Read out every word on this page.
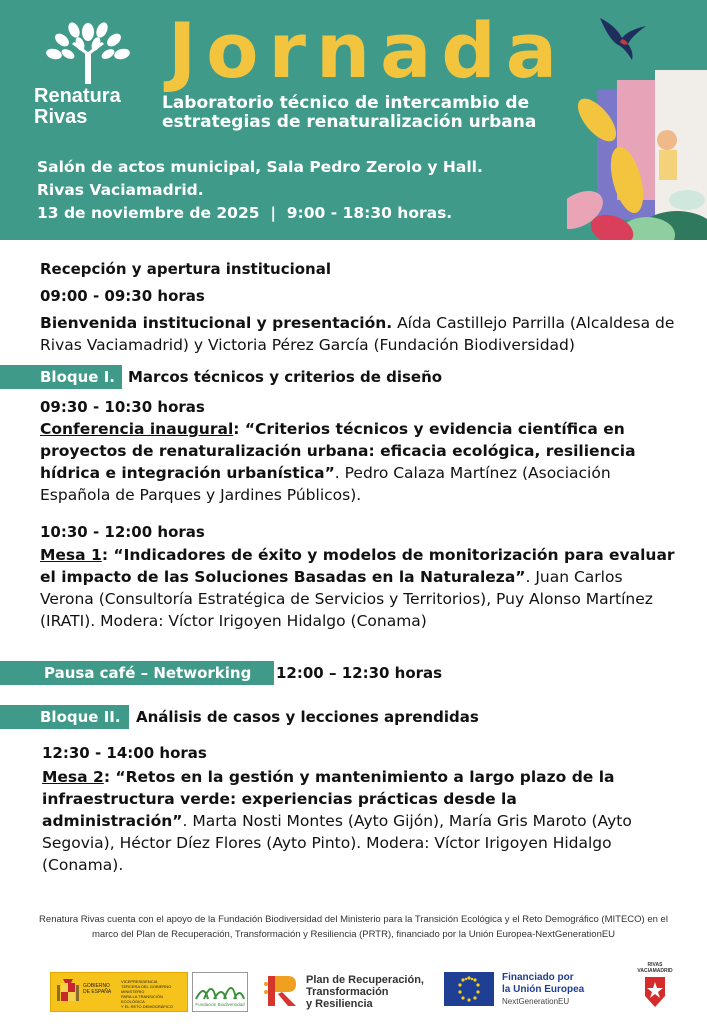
Renatura
Rivas
Jornada
Laboratorio técnico de intercambio de
estrategias de renaturalización urbana
Salón de actos municipal, Sala Pedro Zerolo y Hall.
Rivas Vaciamadrid.
13 de noviembre de 2025  |  9:00 - 18:30 horas.
Recepción y apertura institucional
09:00 - 09:30 horas
Bienvenida institucional y presentación. Aída Castillejo Parrilla (Alcaldesa de Rivas Vaciamadrid) y Victoria Pérez García (Fundación Biodiversidad)
Bloque I. Marcos técnicos y criterios de diseño
09:30 - 10:30 horas
Conferencia inaugural: “Criterios técnicos y evidencia científica en proyectos de renaturalización urbana: eficacia ecológica, resiliencia hídrica e integración urbanística”. Pedro Calaza Martínez (Asociación Española de Parques y Jardines Públicos).
10:30 - 12:00 horas
Mesa 1: “Indicadores de éxito y modelos de monitorización para evaluar el impacto de las Soluciones Basadas en la Naturaleza”. Juan Carlos Verona (Consultoría Estratégica de Servicios y Territorios), Puy Alonso Martínez (IRATI). Modera: Víctor Irigoyen Hidalgo (Conama)
Pausa café – Networking	12:00 – 12:30 horas
Bloque II.	Análisis de casos y lecciones aprendidas
12:30 - 14:00 horas
Mesa 2: “Retos en la gestión y mantenimiento a largo plazo de la infraestructura verde: experiencias prácticas desde la administración”. Marta Nosti Montes (Ayto Gijón), María Gris Maroto (Ayto Segovia), Héctor Díez Flores (Ayto Pinto). Modera: Víctor Irigoyen Hidalgo (Conama).
Renatura Rivas cuenta con el apoyo de la Fundación Biodiversidad del Ministerio para la Transición Ecológica y el Reto Demográfico (MITECO) en el marco del Plan de Recuperación, Transformación y Resiliencia (PRTR), financiado por la Unión Europea-NextGenerationEU
GOBIERNO
DE ESPAÑA
VICEPRESIDENCIA
TERCERA DEL GOBIERNO
MINISTERIO
PARA LA TRANSICIÓN ECOLÓGICA
Y EL RETO DEMOGRÁFICO	Fundación Biodiversidad
Plan de Recuperación,
Transformación
y Resiliencia
Financiado por
la Unión Europea
NextGenerationEU
RIVAS
VACIAMADRID
